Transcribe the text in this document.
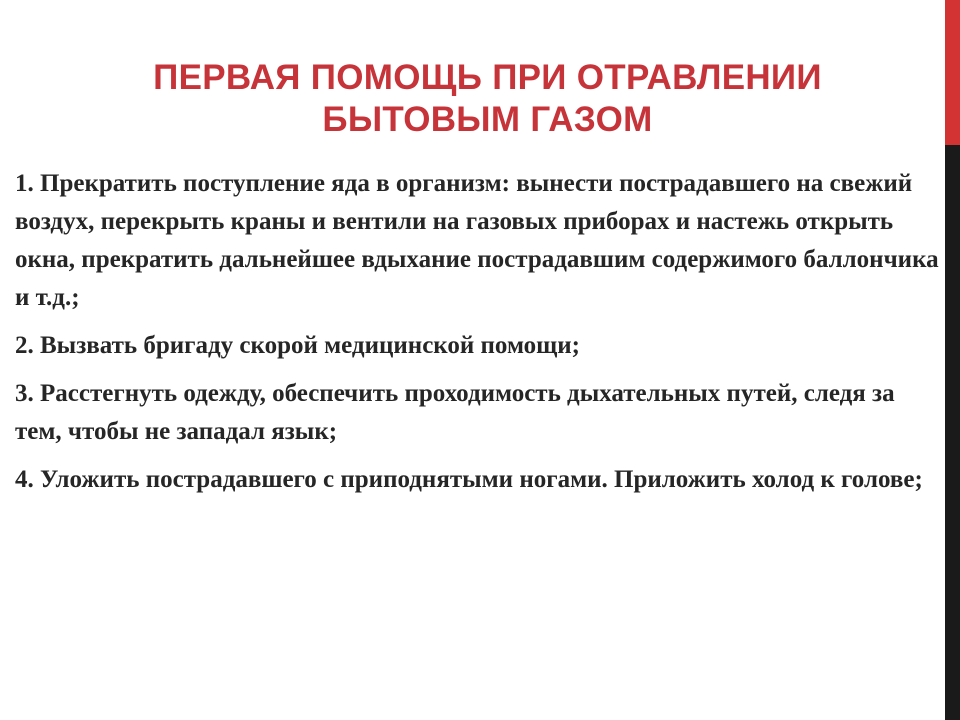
ПЕРВАЯ ПОМОЩЬ ПРИ ОТРАВЛЕНИИ
БЫТОВЫМ ГАЗОМ

1. Прекратить поступление яда в организм: вынести пострадавшего на свежий воздух, перекрыть краны и вентили на газовых приборах и настежь открыть окна, прекратить дальнейшее вдыхание пострадавшим содержимого баллончика и т.д.;

2. Вызвать бригаду скорой медицинской помощи;

3. Расстегнуть одежду, обеспечить проходимость дыхательных путей, следя за тем, чтобы не западал язык;

4. Уложить пострадавшего с приподнятыми ногами. Приложить холод к голове;
